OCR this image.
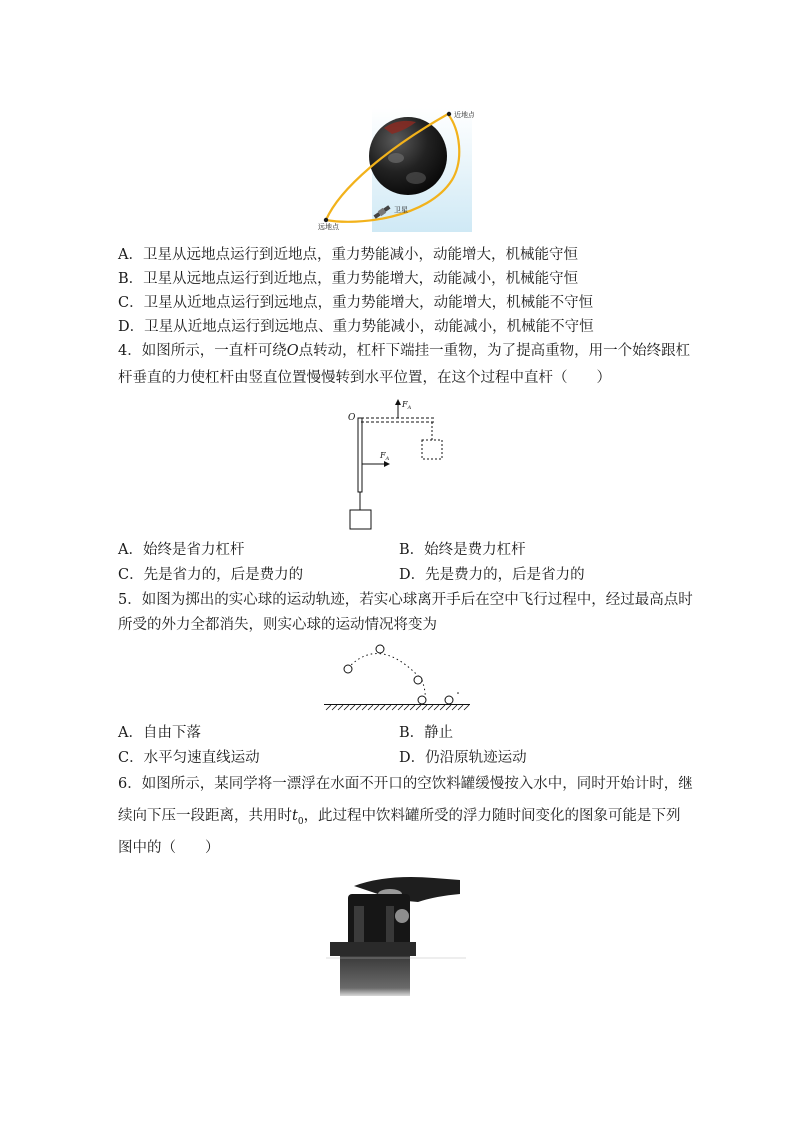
近地点
远地点
卫星
A．卫星从远地点运行到近地点，重力势能减小，动能增大，机械能守恒
B．卫星从远地点运行到近地点，重力势能增大，动能减小，机械能守恒
C．卫星从近地点运行到远地点，重力势能增大，动能增大，机械能不守恒
D．卫星从近地点运行到远地点、重力势能减小，动能减小，机械能不守恒
4．如图所示，一直杆可绕O点转动，杠杆下端挂一重物，为了提高重物，用一个始终跟杠
杆垂直的力使杠杆由竖直位置慢慢转到水平位置，在这个过程中直杆（　　）
O
$F_A$
$F_A$
A．始终是省力杠杆	B．始终是费力杠杆
C．先是省力的，后是费力的	D．先是费力的，后是省力的
5．如图为掷出的实心球的运动轨迹，若实心球离开手后在空中飞行过程中，经过最高点时
所受的外力全都消失，则实心球的运动情况将变为
A．自由下落	B．静止
C．水平匀速直线运动	D．仍沿原轨迹运动
6．如图所示，某同学将一漂浮在水面不开口的空饮料罐缓慢按入水中，同时开始计时，继
续向下压一段距离，共用时$t_0$，此过程中饮料罐所受的浮力随时间变化的图象可能是下列
图中的（　　）
